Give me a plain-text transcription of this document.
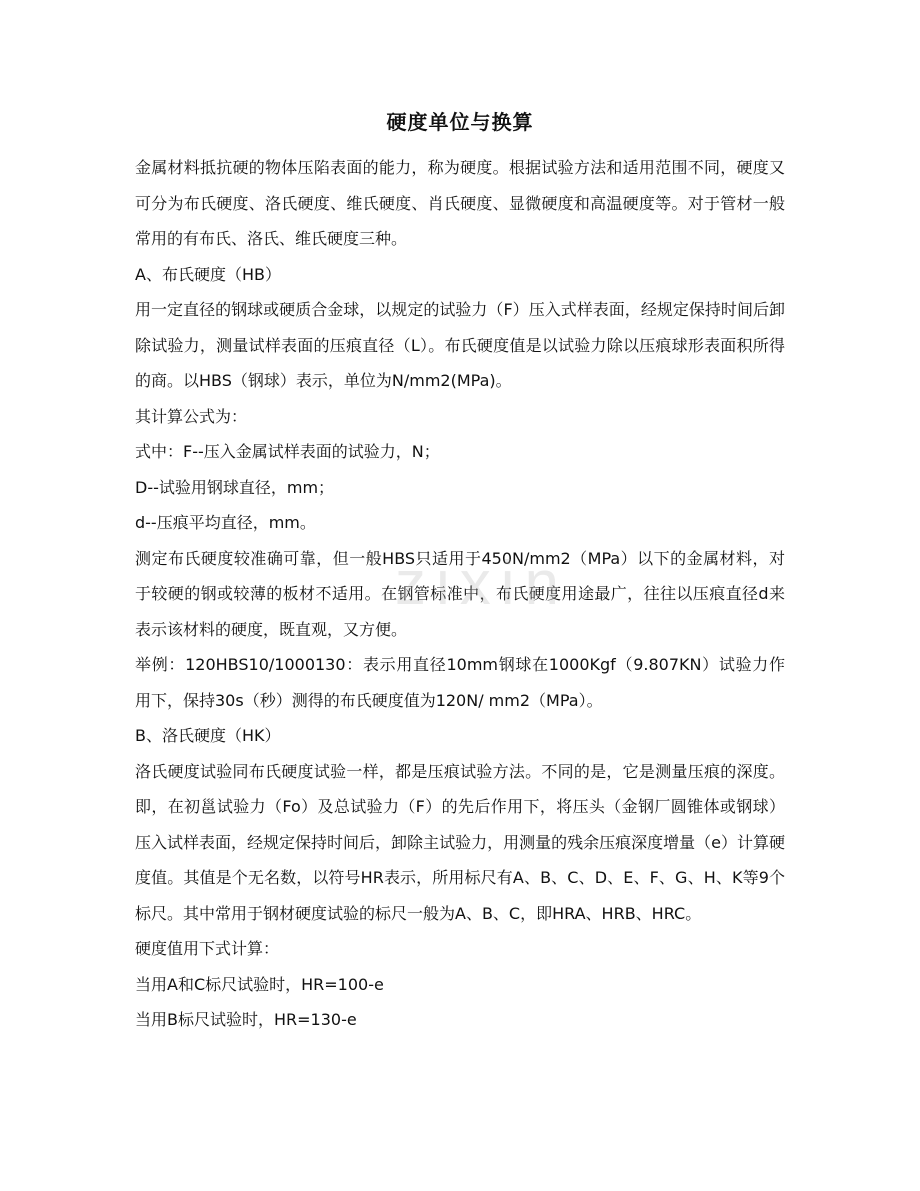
硬度单位与换算

金属材料抵抗硬的物体压陷表面的能力，称为硬度。根据试验方法和适用范围不同，硬度又可分为布氏硬度、洛氏硬度、维氏硬度、肖氏硬度、显微硬度和高温硬度等。对于管材一般常用的有布氏、洛氏、维氏硬度三种。

A、布氏硬度（HB）

用一定直径的钢球或硬质合金球，以规定的试验力（F）压入式样表面，经规定保持时间后卸除试验力，测量试样表面的压痕直径（L）。布氏硬度值是以试验力除以压痕球形表面积所得的商。以HBS（钢球）表示，单位为N/mm2(MPa)。

其计算公式为：

式中：F--压入金属试样表面的试验力，N；

D--试验用钢球直径，mm；

d--压痕平均直径，mm。

测定布氏硬度较准确可靠，但一般HBS只适用于450N/mm2（MPa）以下的金属材料，对于较硬的钢或较薄的板材不适用。在钢管标准中，布氏硬度用途最广，往往以压痕直径d来表示该材料的硬度，既直观，又方便。

举例：120HBS10/1000130：表示用直径10mm钢球在1000Kgf（9.807KN）试验力作用下，保持30s（秒）测得的布氏硬度值为120N/ mm2（MPa）。

B、洛氏硬度（HK）

洛氏硬度试验同布氏硬度试验一样，都是压痕试验方法。不同的是，它是测量压痕的深度。即，在初邕试验力（Fo）及总试验力（F）的先后作用下，将压头（金钢厂圆锥体或钢球）压入试样表面，经规定保持时间后，卸除主试验力，用测量的残余压痕深度增量（e）计算硬度值。其值是个无名数，以符号HR表示，所用标尺有A、B、C、D、E、F、G、H、K等9个标尺。其中常用于钢材硬度试验的标尺一般为A、B、C，即HRA、HRB、HRC。

硬度值用下式计算：

当用A和C标尺试验时，HR=100-e

当用B标尺试验时，HR=130-e

zixin
